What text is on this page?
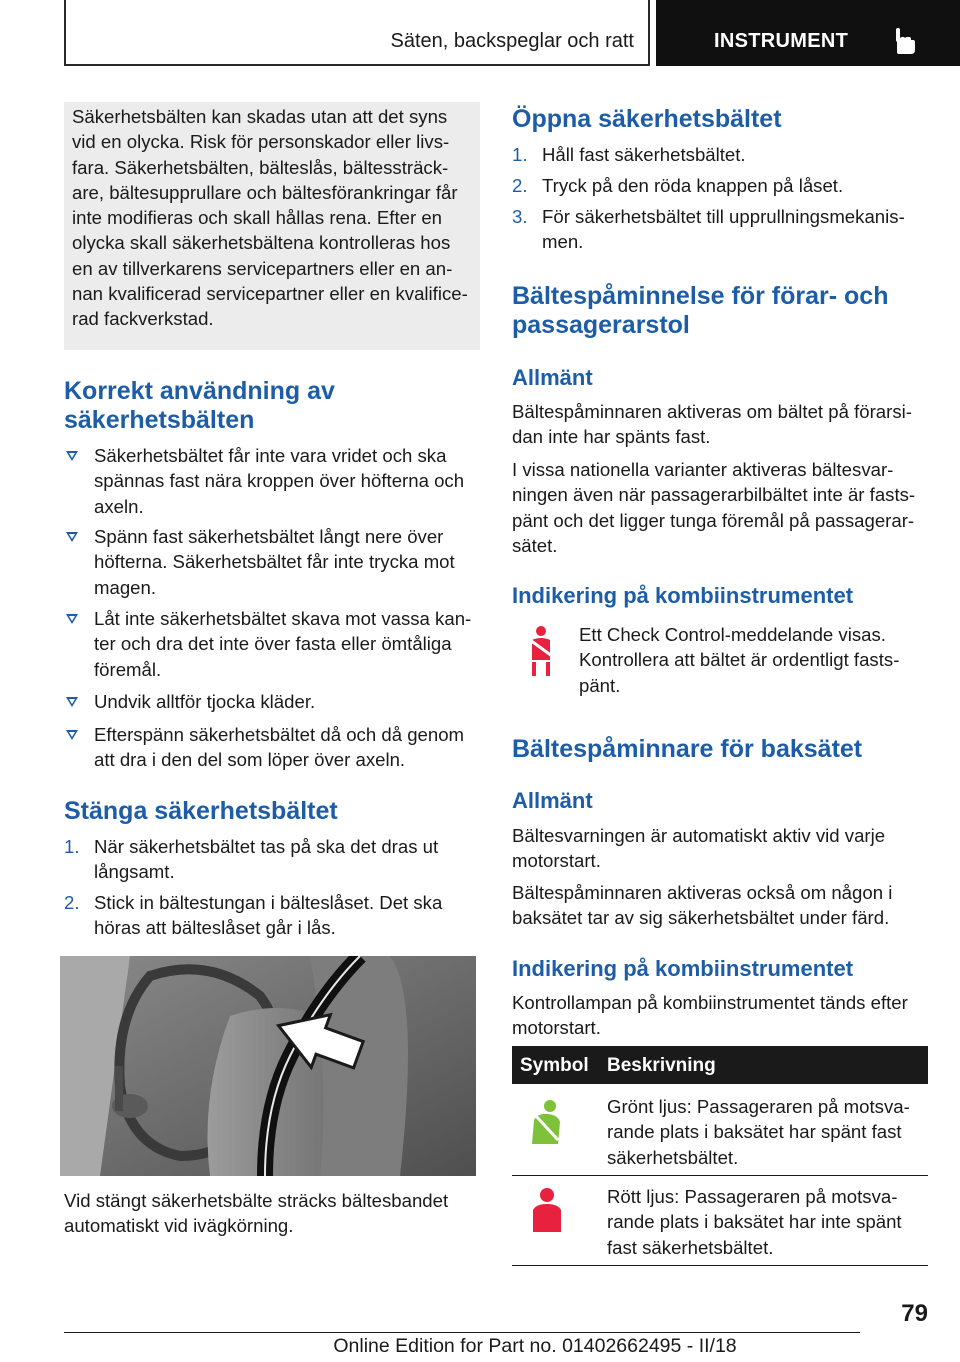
Säten, backspeglar och ratt	INSTRUMENT

Säkerhetsbälten kan skadas utan att det syns vid en olycka. Risk för personskador eller livsfara. Säkerhetsbälten, bälteslås, bältessträckare, bältesupprullare och bältesförankringar får inte modifieras och skall hållas rena. Efter en olycka skall säkerhetsbältena kontrolleras hos en av tillverkarens servicepartners eller en annan kvalificerad servicepartner eller en kvalificerad fackverkstad.

Korrekt användning av
säkerhetsbälten
Säkerhetsbältet får inte vara vridet och ska spännas fast nära kroppen över höfterna och axeln.
Spänn fast säkerhetsbältet långt nere över höfterna. Säkerhetsbältet får inte trycka mot magen.
Låt inte säkerhetsbältet skava mot vassa kanter och dra det inte över fasta eller ömtåliga föremål.
Undvik alltför tjocka kläder.
Efterspänn säkerhetsbältet då och då genom att dra i den del som löper över axeln.
Stänga säkerhetsbältet
1. När säkerhetsbältet tas på ska det dras ut långsamt.
2. Stick in bältestungan i bälteslåset. Det ska höras att bälteslåset går i lås.
Vid stängt säkerhetsbälte sträcks bältesbandet automatiskt vid ivägkörning.
Öppna säkerhetsbältet
1. Håll fast säkerhetsbältet.
2. Tryck på den röda knappen på låset.
3. För säkerhetsbältet till upprullningsmekanismen.
Bältespåminnelse för förar- och
passagerarstol
Allmänt
Bältespåminnaren aktiveras om bältet på förarsidan inte har spänts fast.
I vissa nationella varianter aktiveras bältesvarningen även när passagerarbilbältet inte är fastspänt och det ligger tunga föremål på passagerarsätet.
Indikering på kombiinstrumentet
Ett Check Control-meddelande visas. Kontrollera att bältet är ordentligt fastspänt.
Bältespåminnare för baksätet
Allmänt
Bältesvarningen är automatiskt aktiv vid varje motorstart.
Bältespåminnaren aktiveras också om någon i baksätet tar av sig säkerhetsbältet under färd.
Indikering på kombiinstrumentet
Kontrollampan på kombiinstrumentet tänds efter motorstart.
Symbol Beskrivning
Grönt ljus: Passageraren på motsvarande plats i baksätet har spänt fast säkerhetsbältet.
Rött ljus: Passageraren på motsvarande plats i baksätet har inte spänt fast säkerhetsbältet.
79
Online Edition for Part no. 01402662495 - II/18
